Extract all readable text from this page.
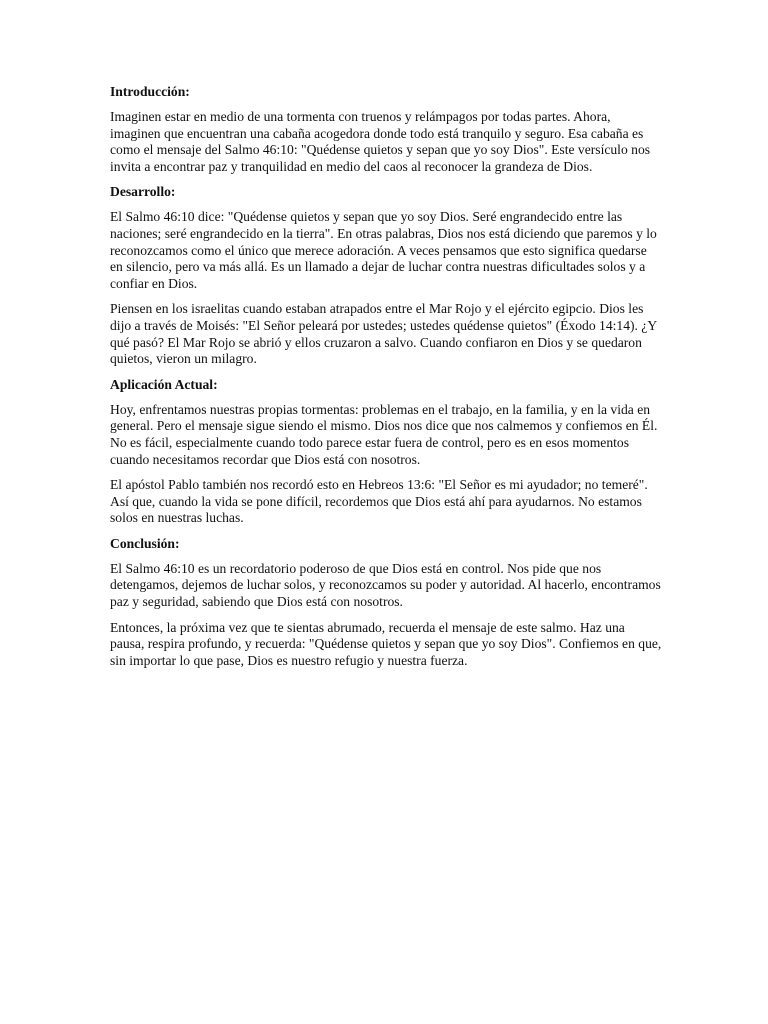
Introducción:

Imaginen estar en medio de una tormenta con truenos y relámpagos por todas partes. Ahora, imaginen que encuentran una cabaña acogedora donde todo está tranquilo y seguro. Esa cabaña es como el mensaje del Salmo 46:10: "Quédense quietos y sepan que yo soy Dios". Este versículo nos invita a encontrar paz y tranquilidad en medio del caos al reconocer la grandeza de Dios.

Desarrollo:

El Salmo 46:10 dice: "Quédense quietos y sepan que yo soy Dios. Seré engrandecido entre las naciones; seré engrandecido en la tierra". En otras palabras, Dios nos está diciendo que paremos y lo reconozcamos como el único que merece adoración. A veces pensamos que esto significa quedarse en silencio, pero va más allá. Es un llamado a dejar de luchar contra nuestras dificultades solos y a confiar en Dios.

Piensen en los israelitas cuando estaban atrapados entre el Mar Rojo y el ejército egipcio. Dios les dijo a través de Moisés: "El Señor peleará por ustedes; ustedes quédense quietos" (Éxodo 14:14). ¿Y qué pasó? El Mar Rojo se abrió y ellos cruzaron a salvo. Cuando confiaron en Dios y se quedaron quietos, vieron un milagro.

Aplicación Actual:

Hoy, enfrentamos nuestras propias tormentas: problemas en el trabajo, en la familia, y en la vida en general. Pero el mensaje sigue siendo el mismo. Dios nos dice que nos calmemos y confiemos en Él. No es fácil, especialmente cuando todo parece estar fuera de control, pero es en esos momentos cuando necesitamos recordar que Dios está con nosotros.

El apóstol Pablo también nos recordó esto en Hebreos 13:6: "El Señor es mi ayudador; no temeré". Así que, cuando la vida se pone difícil, recordemos que Dios está ahí para ayudarnos. No estamos solos en nuestras luchas.

Conclusión:

El Salmo 46:10 es un recordatorio poderoso de que Dios está en control. Nos pide que nos detengamos, dejemos de luchar solos, y reconozcamos su poder y autoridad. Al hacerlo, encontramos paz y seguridad, sabiendo que Dios está con nosotros.

Entonces, la próxima vez que te sientas abrumado, recuerda el mensaje de este salmo. Haz una pausa, respira profundo, y recuerda: "Quédense quietos y sepan que yo soy Dios". Confiemos en que, sin importar lo que pase, Dios es nuestro refugio y nuestra fuerza.
